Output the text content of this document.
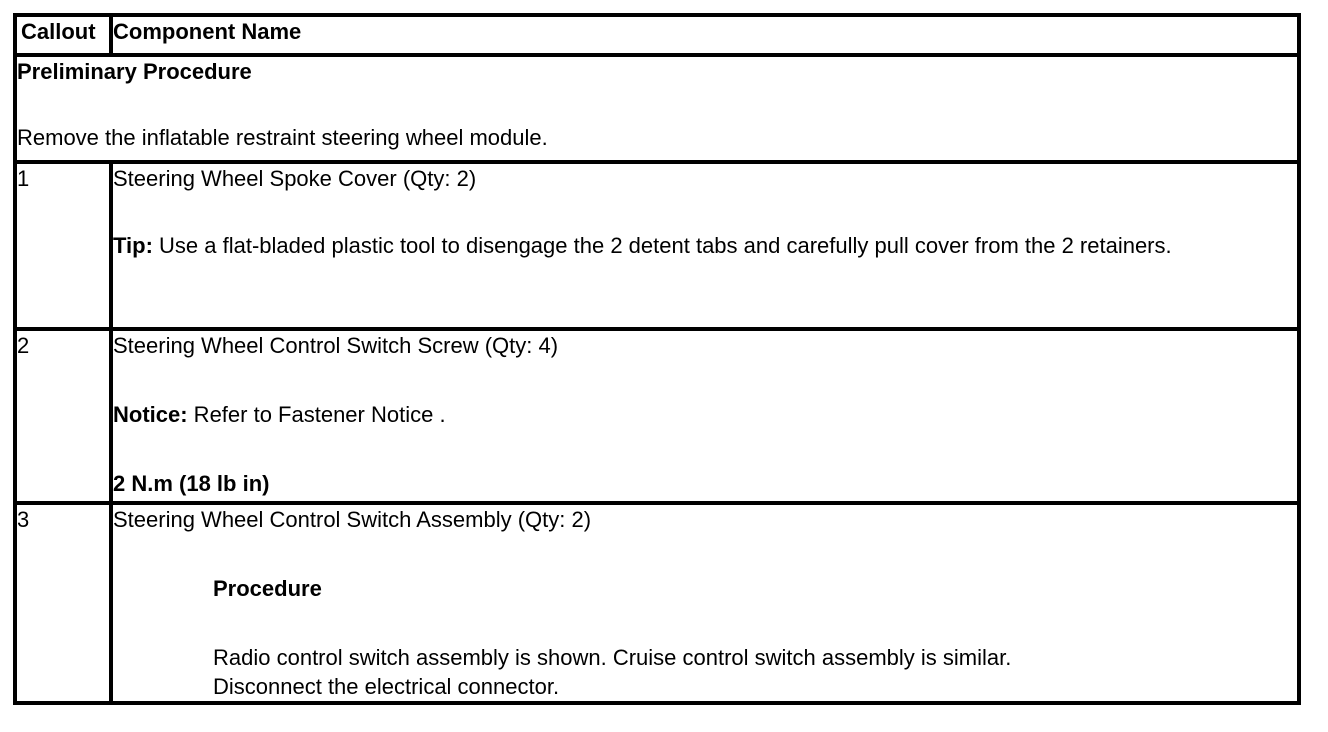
Callout	Component Name

Preliminary Procedure
Remove the inflatable restraint steering wheel module.	

1	Steering Wheel Spoke Cover (Qty: 2)
Tip: Use a flat-bladed plastic tool to disengage the 2 detent tabs and carefully pull cover from the 2 retainers.

2	Steering Wheel Control Switch Screw (Qty: 4)
Notice: Refer to Fastener Notice .
2 N.m (18 lb in)

3	Steering Wheel Control Switch Assembly (Qty: 2)
Procedure
Radio control switch assembly is shown. Cruise control switch assembly is similar.
Disconnect the electrical connector.
